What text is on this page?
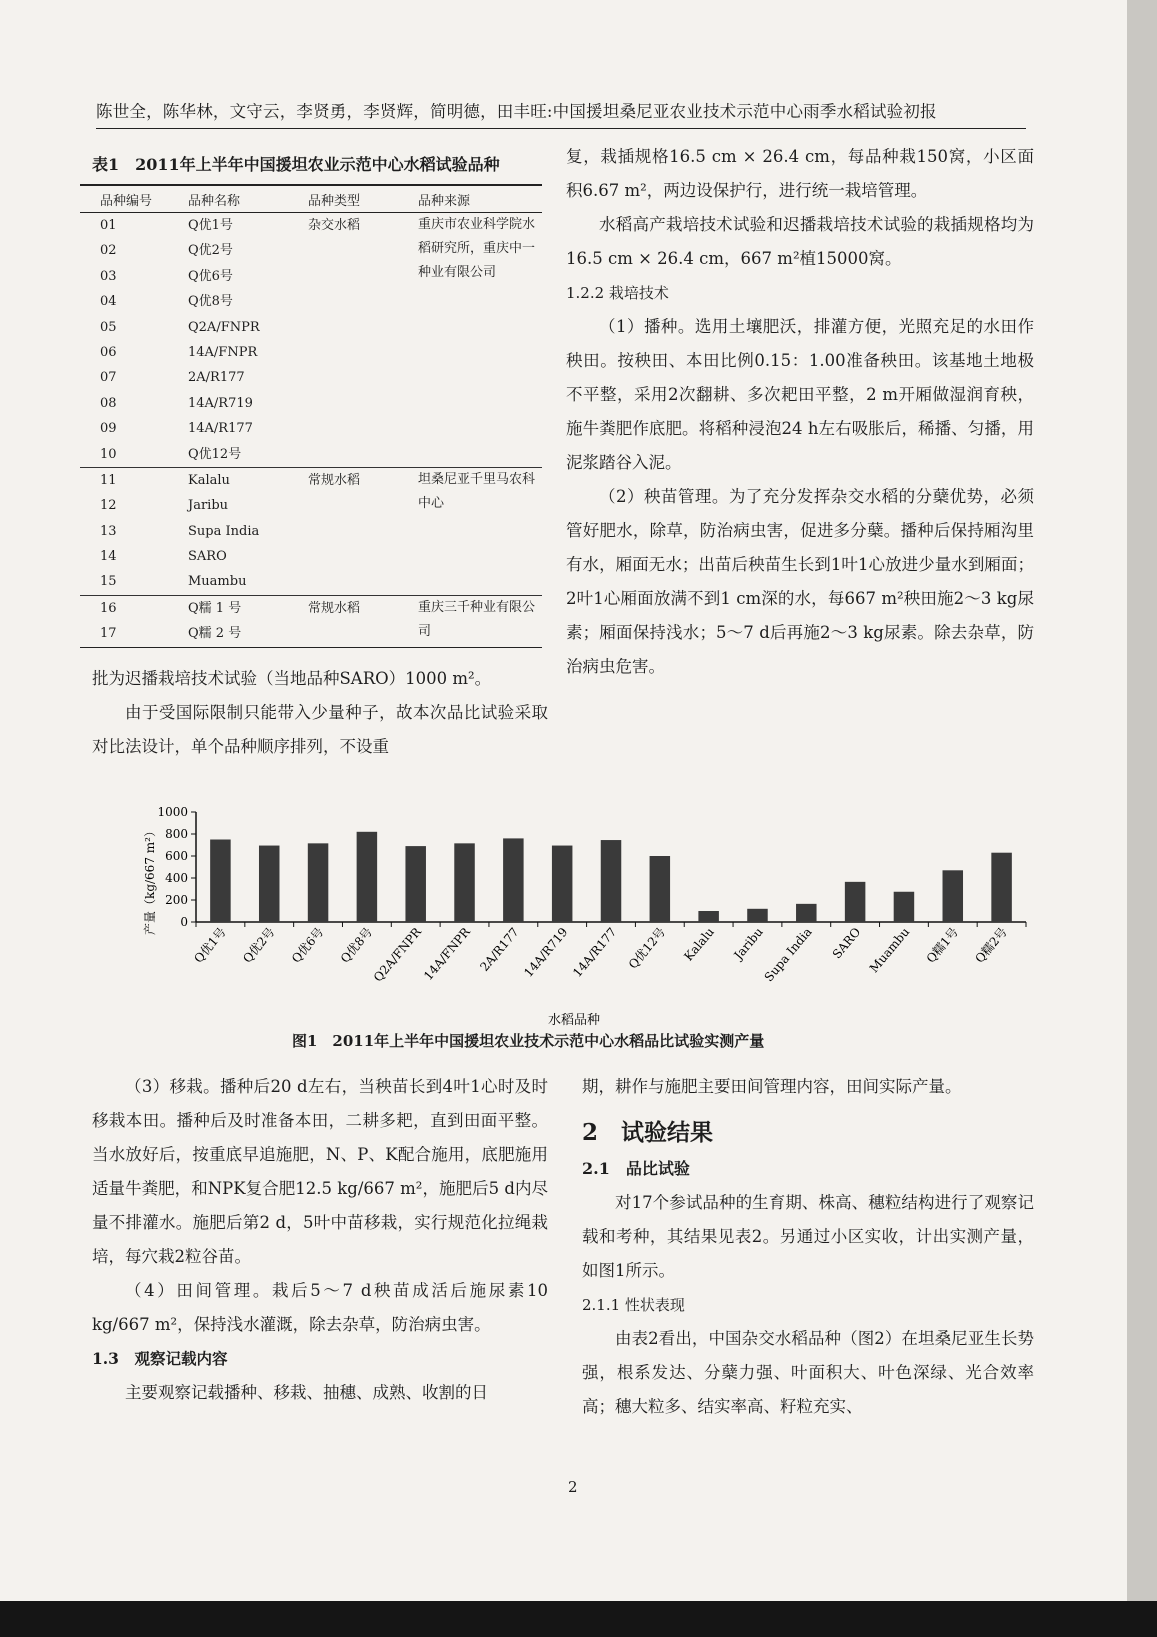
陈世全，陈华林，文守云，李贤勇，李贤辉，简明德，田丰旺:中国援坦桑尼亚农业技术示范中心雨季水稻试验初报
表1　2011年上半年中国援坦农业示范中心水稻试验品种
品种编号	品种名称	品种类型	品种来源
01	Q优1号	杂交水稻	重庆市农业科学院水稻研究所，重庆中一种业有限公司

02	Q优2号		
03	Q优6号		
04	Q优8号		
05	Q2A/FNPR		
06	14A/FNPR		
07	2A/R177		
08	14A/R719		
09	14A/R177		
10	Q优12号		
11	Kalalu	常规水稻	坦桑尼亚千里马农科中心

12	Jaribu		
13	Supa India		
14	SARO		
15	Muambu		
16	Q糯 1 号	常规水稻	重庆三千种业有限公司

17	Q糯 2 号		

批为迟播栽培技术试验（当地品种SARO）1000 m²。

由于受国际限制只能带入少量种子，故本次品比试验采取对比法设计，单个品种顺序排列，不设重

复，栽插规格16.5 cm × 26.4 cm，每品种栽150窝，小区面积6.67 m²，两边设保护行，进行统一栽培管理。

水稻高产栽培技术试验和迟播栽培技术试验的栽插规格均为16.5 cm × 26.4 cm，667 m²植15000窝。

1.2.2 栽培技术

（1）播种。选用土壤肥沃，排灌方便，光照充足的水田作秧田。按秧田、本田比例0.15：1.00准备秧田。该基地土地极不平整，采用2次翻耕、多次耙田平整，2 m开厢做湿润育秧，施牛粪肥作底肥。将稻种浸泡24 h左右吸胀后，稀播、匀播，用泥浆踏谷入泥。

（2）秧苗管理。为了充分发挥杂交水稻的分蘖优势，必须管好肥水，除草，防治病虫害，促进多分蘖。播种后保持厢沟里有水，厢面无水；出苗后秧苗生长到1叶1心放进少量水到厢面；2叶1心厢面放满不到1 cm深的水，每667 m²秧田施2～3 kg尿素；厢面保持浅水；5～7 d后再施2～3 kg尿素。除去杂草，防治病虫危害。

产量（kg/667 m²）
水稻品种
0
200
400
600
800
1000
Q优1号 Q优2号 Q优6号 Q优8号
Q2A/FNPR
14A/FNPR 2A/R177 14A/R719 14A/R177 Q优12号 Kalalu Jaribu
Supa India SARO Muambu Q糯1号 Q糯2号
图1　2011年上半年中国援坦农业技术示范中心水稻品比试验实测产量

（3）移栽。播种后20 d左右，当秧苗长到4叶1心时及时移栽本田。播种后及时准备本田，二耕多耙，直到田面平整。当水放好后，按重底早追施肥，N、P、K配合施用，底肥施用适量牛粪肥，和NPK复合肥12.5 kg/667 m²，施肥后5 d内尽量不排灌水。施肥后第2 d，5叶中苗移栽，实行规范化拉绳栽培，每穴栽2粒谷苗。

（4）田间管理。栽后5～7 d秧苗成活后施尿素10 kg/667 m²，保持浅水灌溉，除去杂草，防治病虫害。

1.3　观察记载内容

主要观察记载播种、移栽、抽穗、成熟、收割的日

期，耕作与施肥主要田间管理内容，田间实际产量。

2　试验结果

2.1　品比试验

对17个参试品种的生育期、株高、穗粒结构进行了观察记载和考种，其结果见表2。另通过小区实收，计出实测产量，如图1所示。

2.1.1 性状表现

由表2看出，中国杂交水稻品种（图2）在坦桑尼亚生长势强，根系发达、分蘖力强、叶面积大、叶色深绿、光合效率高；穗大粒多、结实率高、籽粒充实、

2
